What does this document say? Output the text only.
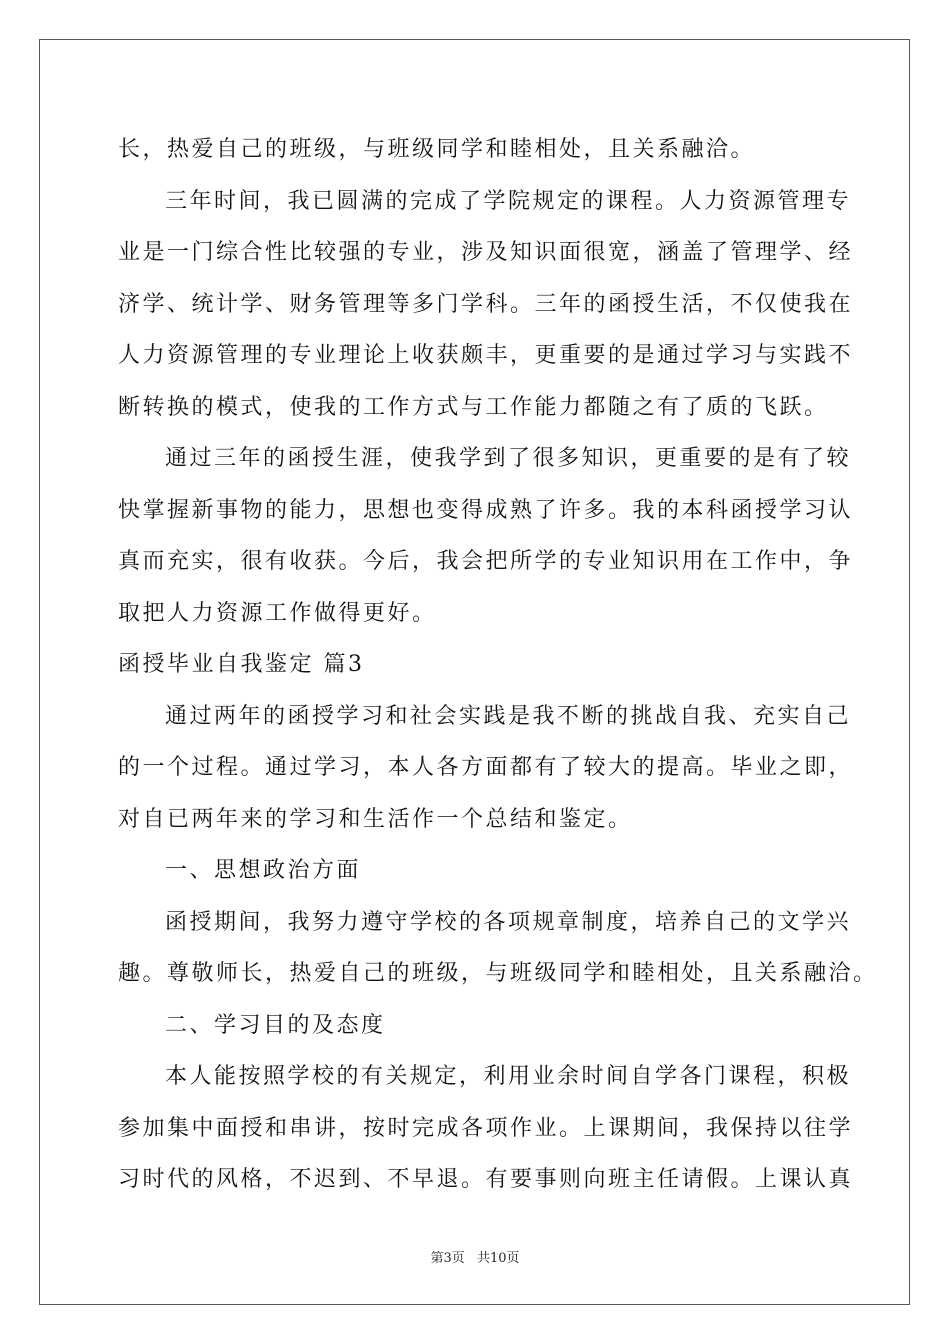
长，热爱自己的班级，与班级同学和睦相处，且关系融洽。
三年时间，我已圆满的完成了学院规定的课程。人力资源管理专
业是一门综合性比较强的专业，涉及知识面很宽，涵盖了管理学、经
济学、统计学、财务管理等多门学科。三年的函授生活，不仅使我在
人力资源管理的专业理论上收获颇丰，更重要的是通过学习与实践不
断转换的模式，使我的工作方式与工作能力都随之有了质的飞跃。
通过三年的函授生涯，使我学到了很多知识，更重要的是有了较
快掌握新事物的能力，思想也变得成熟了许多。我的本科函授学习认
真而充实，很有收获。今后，我会把所学的专业知识用在工作中，争
取把人力资源工作做得更好。
函授毕业自我鉴定 篇3
通过两年的函授学习和社会实践是我不断的挑战自我、充实自己
的一个过程。通过学习，本人各方面都有了较大的提高。毕业之即，
对自已两年来的学习和生活作一个总结和鉴定。
一、思想政治方面
函授期间，我努力遵守学校的各项规章制度，培养自己的文学兴
趣。尊敬师长，热爱自己的班级，与班级同学和睦相处，且关系融洽。
二、学习目的及态度
本人能按照学校的有关规定，利用业余时间自学各门课程，积极
参加集中面授和串讲，按时完成各项作业。上课期间，我保持以往学
习时代的风格，不迟到、不早退。有要事则向班主任请假。上课认真
第3页 共10页
